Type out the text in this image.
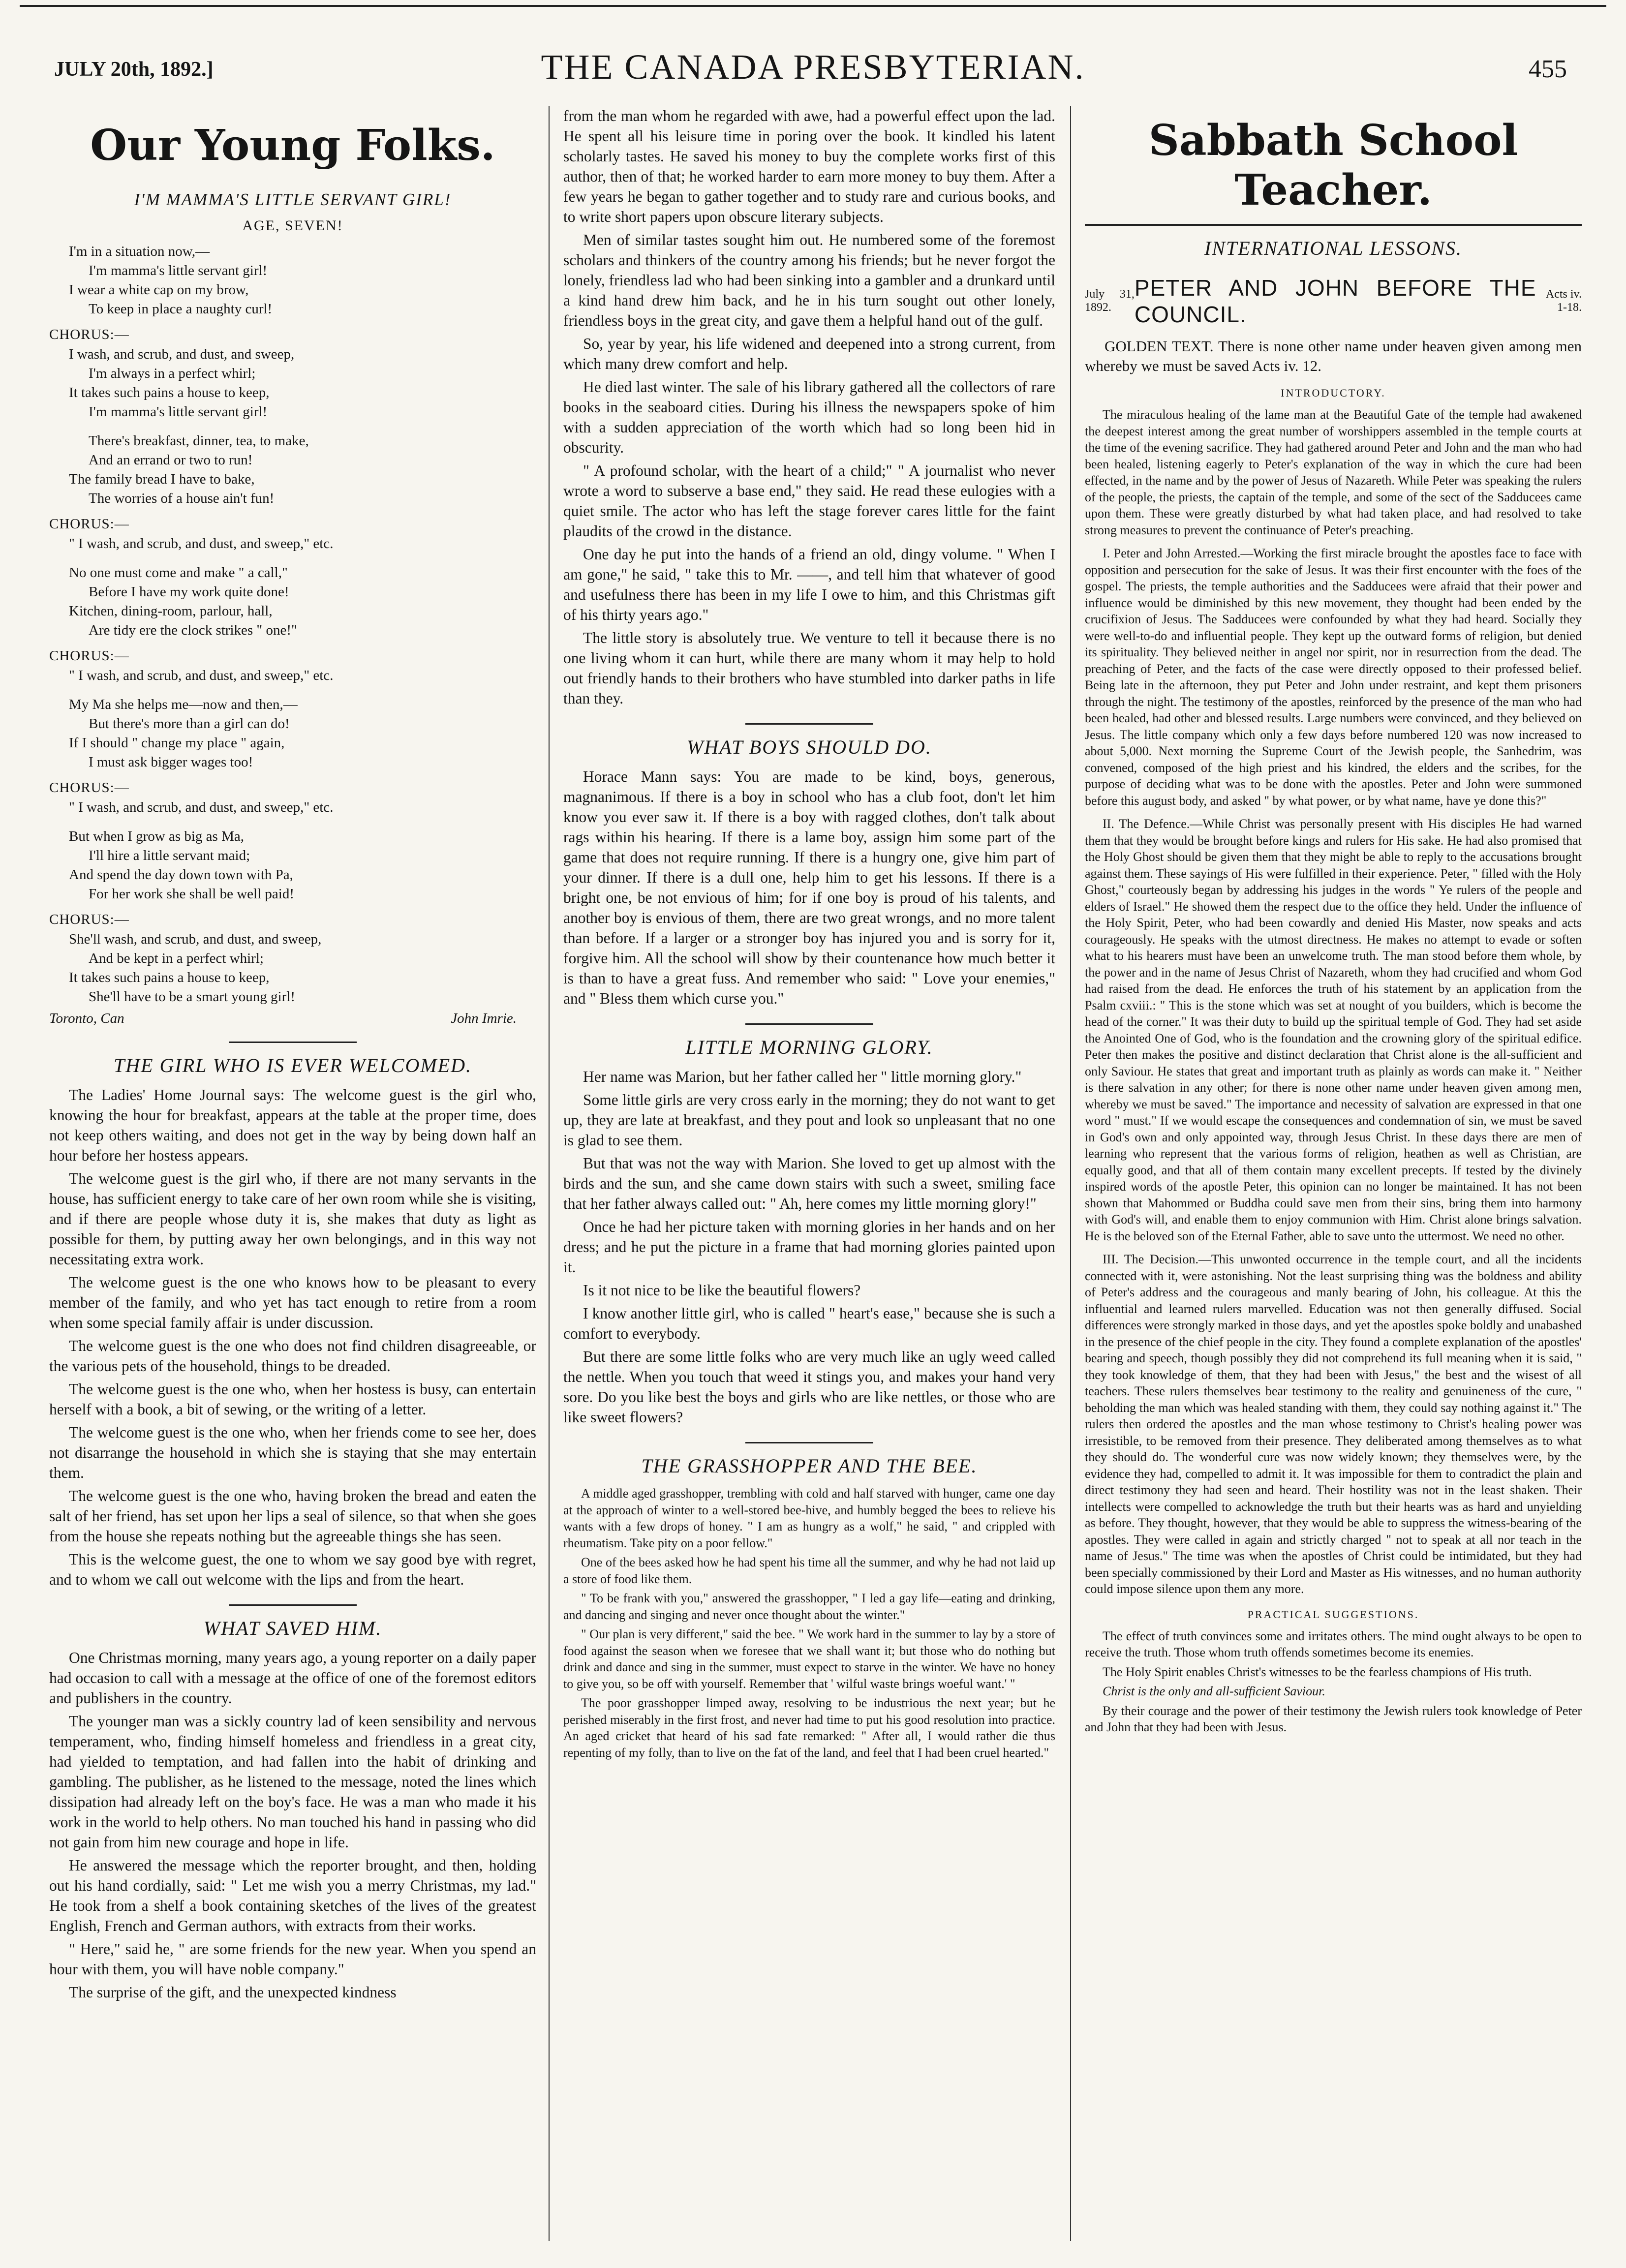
JULY 20th, 1892.]	THE CANADA PRESBYTERIAN.	455
Our Young Folks.
I'M MAMMA'S LITTLE SERVANT GIRL!
AGE, SEVEN!
I'm in a situation now,—
I'm mamma's little servant girl!
I wear a white cap on my brow,
To keep in place a naughty curl!
CHORUS:—
I wash, and scrub, and dust, and sweep,
I'm always in a perfect whirl;
It takes such pains a house to keep,
I'm mamma's little servant girl!
There's breakfast, dinner, tea, to make,
And an errand or two to run!
The family bread I have to bake,
The worries of a house ain't fun!
CHORUS:—
" I wash, and scrub, and dust, and sweep," etc.
No one must come and make " a call,"
Before I have my work quite done!
Kitchen, dining-room, parlour, hall,
Are tidy ere the clock strikes " one!"
CHORUS:—
" I wash, and scrub, and dust, and sweep," etc.
My Ma she helps me—now and then,—
But there's more than a girl can do!
If I should " change my place " again,
I must ask bigger wages too!
CHORUS:—
" I wash, and scrub, and dust, and sweep," etc.
But when I grow as big as Ma,
I'll hire a little servant maid;
And spend the day down town with Pa,
For her work she shall be well paid!
CHORUS:—
She'll wash, and scrub, and dust, and sweep,
And be kept in a perfect whirl;
It takes such pains a house to keep,
She'll have to be a smart young girl!
Toronto, Can	John Imrie.
THE GIRL WHO IS EVER WELCOMED.

The Ladies' Home Journal says: The welcome guest is the girl who, knowing the hour for breakfast, appears at the table at the proper time, does not keep others waiting, and does not get in the way by being down half an hour before her hostess appears.

The welcome guest is the girl who, if there are not many servants in the house, has sufficient energy to take care of her own room while she is visiting, and if there are people whose duty it is, she makes that duty as light as possible for them, by putting away her own belongings, and in this way not necessitating extra work.

The welcome guest is the one who knows how to be pleasant to every member of the family, and who yet has tact enough to retire from a room when some special family affair is under discussion.

The welcome guest is the one who does not find children disagreeable, or the various pets of the household, things to be dreaded.

The welcome guest is the one who, when her hostess is busy, can entertain herself with a book, a bit of sewing, or the writing of a letter.

The welcome guest is the one who, when her friends come to see her, does not disarrange the household in which she is staying that she may entertain them.

The welcome guest is the one who, having broken the bread and eaten the salt of her friend, has set upon her lips a seal of silence, so that when she goes from the house she repeats nothing but the agreeable things she has seen.

This is the welcome guest, the one to whom we say good bye with regret, and to whom we call out welcome with the lips and from the heart.

WHAT SAVED HIM.

One Christmas morning, many years ago, a young reporter on a daily paper had occasion to call with a message at the office of one of the foremost editors and publishers in the country.

The younger man was a sickly country lad of keen sensibility and nervous temperament, who, finding himself homeless and friendless in a great city, had yielded to temptation, and had fallen into the habit of drinking and gambling. The publisher, as he listened to the message, noted the lines which dissipation had already left on the boy's face. He was a man who made it his work in the world to help others. No man touched his hand in passing who did not gain from him new courage and hope in life.

He answered the message which the reporter brought, and then, holding out his hand cordially, said: " Let me wish you a merry Christmas, my lad." He took from a shelf a book containing sketches of the lives of the greatest English, French and German authors, with extracts from their works.

" Here," said he, " are some friends for the new year. When you spend an hour with them, you will have noble company."

The surprise of the gift, and the unexpected kindness

from the man whom he regarded with awe, had a powerful effect upon the lad. He spent all his leisure time in poring over the book. It kindled his latent scholarly tastes. He saved his money to buy the complete works first of this author, then of that; he worked harder to earn more money to buy them. After a few years he began to gather together and to study rare and curious books, and to write short papers upon obscure literary subjects.

Men of similar tastes sought him out. He numbered some of the foremost scholars and thinkers of the country among his friends; but he never forgot the lonely, friendless lad who had been sinking into a gambler and a drunkard until a kind hand drew him back, and he in his turn sought out other lonely, friendless boys in the great city, and gave them a helpful hand out of the gulf.

So, year by year, his life widened and deepened into a strong current, from which many drew comfort and help.

He died last winter. The sale of his library gathered all the collectors of rare books in the seaboard cities. During his illness the newspapers spoke of him with a sudden appreciation of the worth which had so long been hid in obscurity.

" A profound scholar, with the heart of a child;" " A journalist who never wrote a word to subserve a base end," they said. He read these eulogies with a quiet smile. The actor who has left the stage forever cares little for the faint plaudits of the crowd in the distance.

One day he put into the hands of a friend an old, dingy volume. " When I am gone," he said, " take this to Mr. ——, and tell him that whatever of good and usefulness there has been in my life I owe to him, and this Christmas gift of his thirty years ago."

The little story is absolutely true. We venture to tell it because there is no one living whom it can hurt, while there are many whom it may help to hold out friendly hands to their brothers who have stumbled into darker paths in life than they.

WHAT BOYS SHOULD DO.

Horace Mann says: You are made to be kind, boys, generous, magnanimous. If there is a boy in school who has a club foot, don't let him know you ever saw it. If there is a boy with ragged clothes, don't talk about rags within his hearing. If there is a lame boy, assign him some part of the game that does not require running. If there is a hungry one, give him part of your dinner. If there is a dull one, help him to get his lessons. If there is a bright one, be not envious of him; for if one boy is proud of his talents, and another boy is envious of them, there are two great wrongs, and no more talent than before. If a larger or a stronger boy has injured you and is sorry for it, forgive him. All the school will show by their countenance how much better it is than to have a great fuss. And remember who said: " Love your enemies," and " Bless them which curse you."

LITTLE MORNING GLORY.

Her name was Marion, but her father called her " little morning glory."

Some little girls are very cross early in the morning; they do not want to get up, they are late at breakfast, and they pout and look so unpleasant that no one is glad to see them.

But that was not the way with Marion. She loved to get up almost with the birds and the sun, and she came down stairs with such a sweet, smiling face that her father always called out: " Ah, here comes my little morning glory!"

Once he had her picture taken with morning glories in her hands and on her dress; and he put the picture in a frame that had morning glories painted upon it.

Is it not nice to be like the beautiful flowers?

I know another little girl, who is called " heart's ease," because she is such a comfort to everybody.

But there are some little folks who are very much like an ugly weed called the nettle. When you touch that weed it stings you, and makes your hand very sore. Do you like best the boys and girls who are like nettles, or those who are like sweet flowers?

THE GRASSHOPPER AND THE BEE.

A middle aged grasshopper, trembling with cold and half starved with hunger, came one day at the approach of winter to a well-stored bee-hive, and humbly begged the bees to relieve his wants with a few drops of honey. " I am as hungry as a wolf," he said, " and crippled with rheumatism. Take pity on a poor fellow."

One of the bees asked how he had spent his time all the summer, and why he had not laid up a store of food like them.

" To be frank with you," answered the grasshopper, " I led a gay life—eating and drinking, and dancing and singing and never once thought about the winter."

" Our plan is very different," said the bee. " We work hard in the summer to lay by a store of food against the season when we foresee that we shall want it; but those who do nothing but drink and dance and sing in the summer, must expect to starve in the winter. We have no honey to give you, so be off with yourself. Remember that ' wilful waste brings woeful want.' "

The poor grasshopper limped away, resolving to be industrious the next year; but he perished miserably in the first frost, and never had time to put his good resolution into practice. An aged cricket that heard of his sad fate remarked: " After all, I would rather die thus repenting of my folly, than to live on the fat of the land, and feel that I had been cruel hearted."

Sabbath School Teacher.
INTERNATIONAL LESSONS.
July 31, 1892.
PETER AND JOHN BEFORE THE COUNCIL.
Acts iv. 1-18.
GOLDEN TEXT. There is none other name under heaven given among men whereby we must be saved Acts iv. 12.
INTRODUCTORY.

The miraculous healing of the lame man at the Beautiful Gate of the temple had awakened the deepest interest among the great number of worshippers assembled in the temple courts at the time of the evening sacrifice. They had gathered around Peter and John and the man who had been healed, listening eagerly to Peter's explanation of the way in which the cure had been effected, in the name and by the power of Jesus of Nazareth. While Peter was speaking the rulers of the people, the priests, the captain of the temple, and some of the sect of the Sadducees came upon them. These were greatly disturbed by what had taken place, and had resolved to take strong measures to prevent the continuance of Peter's preaching.

I. Peter and John Arrested.—Working the first miracle brought the apostles face to face with opposition and persecution for the sake of Jesus. It was their first encounter with the foes of the gospel. The priests, the temple authorities and the Sadducees were afraid that their power and influence would be diminished by this new movement, they thought had been ended by the crucifixion of Jesus. The Sadducees were confounded by what they had heard. Socially they were well-to-do and influential people. They kept up the outward forms of religion, but denied its spirituality. They believed neither in angel nor spirit, nor in resurrection from the dead. The preaching of Peter, and the facts of the case were directly opposed to their professed belief. Being late in the afternoon, they put Peter and John under restraint, and kept them prisoners through the night. The testimony of the apostles, reinforced by the presence of the man who had been healed, had other and blessed results. Large numbers were convinced, and they believed on Jesus. The little company which only a few days before numbered 120 was now increased to about 5,000. Next morning the Supreme Court of the Jewish people, the Sanhedrim, was convened, composed of the high priest and his kindred, the elders and the scribes, for the purpose of deciding what was to be done with the apostles. Peter and John were summoned before this august body, and asked " by what power, or by what name, have ye done this?"

II. The Defence.—While Christ was personally present with His disciples He had warned them that they would be brought before kings and rulers for His sake. He had also promised that the Holy Ghost should be given them that they might be able to reply to the accusations brought against them. These sayings of His were fulfilled in their experience. Peter, " filled with the Holy Ghost," courteously began by addressing his judges in the words " Ye rulers of the people and elders of Israel." He showed them the respect due to the office they held. Under the influence of the Holy Spirit, Peter, who had been cowardly and denied His Master, now speaks and acts courageously. He speaks with the utmost directness. He makes no attempt to evade or soften what to his hearers must have been an unwelcome truth. The man stood before them whole, by the power and in the name of Jesus Christ of Nazareth, whom they had crucified and whom God had raised from the dead. He enforces the truth of his statement by an application from the Psalm cxviii.: " This is the stone which was set at nought of you builders, which is become the head of the corner." It was their duty to build up the spiritual temple of God. They had set aside the Anointed One of God, who is the foundation and the crowning glory of the spiritual edifice. Peter then makes the positive and distinct declaration that Christ alone is the all-sufficient and only Saviour. He states that great and important truth as plainly as words can make it. " Neither is there salvation in any other; for there is none other name under heaven given among men, whereby we must be saved." The importance and necessity of salvation are expressed in that one word " must." If we would escape the consequences and condemnation of sin, we must be saved in God's own and only appointed way, through Jesus Christ. In these days there are men of learning who represent that the various forms of religion, heathen as well as Christian, are equally good, and that all of them contain many excellent precepts. If tested by the divinely inspired words of the apostle Peter, this opinion can no longer be maintained. It has not been shown that Mahommed or Buddha could save men from their sins, bring them into harmony with God's will, and enable them to enjoy communion with Him. Christ alone brings salvation. He is the beloved son of the Eternal Father, able to save unto the uttermost. We need no other.

III. The Decision.—This unwonted occurrence in the temple court, and all the incidents connected with it, were astonishing. Not the least surprising thing was the boldness and ability of Peter's address and the courageous and manly bearing of John, his colleague. At this the influential and learned rulers marvelled. Education was not then generally diffused. Social differences were strongly marked in those days, and yet the apostles spoke boldly and unabashed in the presence of the chief people in the city. They found a complete explanation of the apostles' bearing and speech, though possibly they did not comprehend its full meaning when it is said, " they took knowledge of them, that they had been with Jesus," the best and the wisest of all teachers. These rulers themselves bear testimony to the reality and genuineness of the cure, " beholding the man which was healed standing with them, they could say nothing against it." The rulers then ordered the apostles and the man whose testimony to Christ's healing power was irresistible, to be removed from their presence. They deliberated among themselves as to what they should do. The wonderful cure was now widely known; they themselves were, by the evidence they had, compelled to admit it. It was impossible for them to contradict the plain and direct testimony they had seen and heard. Their hostility was not in the least shaken. Their intellects were compelled to acknowledge the truth but their hearts was as hard and unyielding as before. They thought, however, that they would be able to suppress the witness-bearing of the apostles. They were called in again and strictly charged " not to speak at all nor teach in the name of Jesus." The time was when the apostles of Christ could be intimidated, but they had been specially commissioned by their Lord and Master as His witnesses, and no human authority could impose silence upon them any more.

PRACTICAL SUGGESTIONS.

The effect of truth convinces some and irritates others. The mind ought always to be open to receive the truth. Those whom truth offends sometimes become its enemies.

The Holy Spirit enables Christ's witnesses to be the fearless champions of His truth.

Christ is the only and all-sufficient Saviour.

By their courage and the power of their testimony the Jewish rulers took knowledge of Peter and John that they had been with Jesus.
